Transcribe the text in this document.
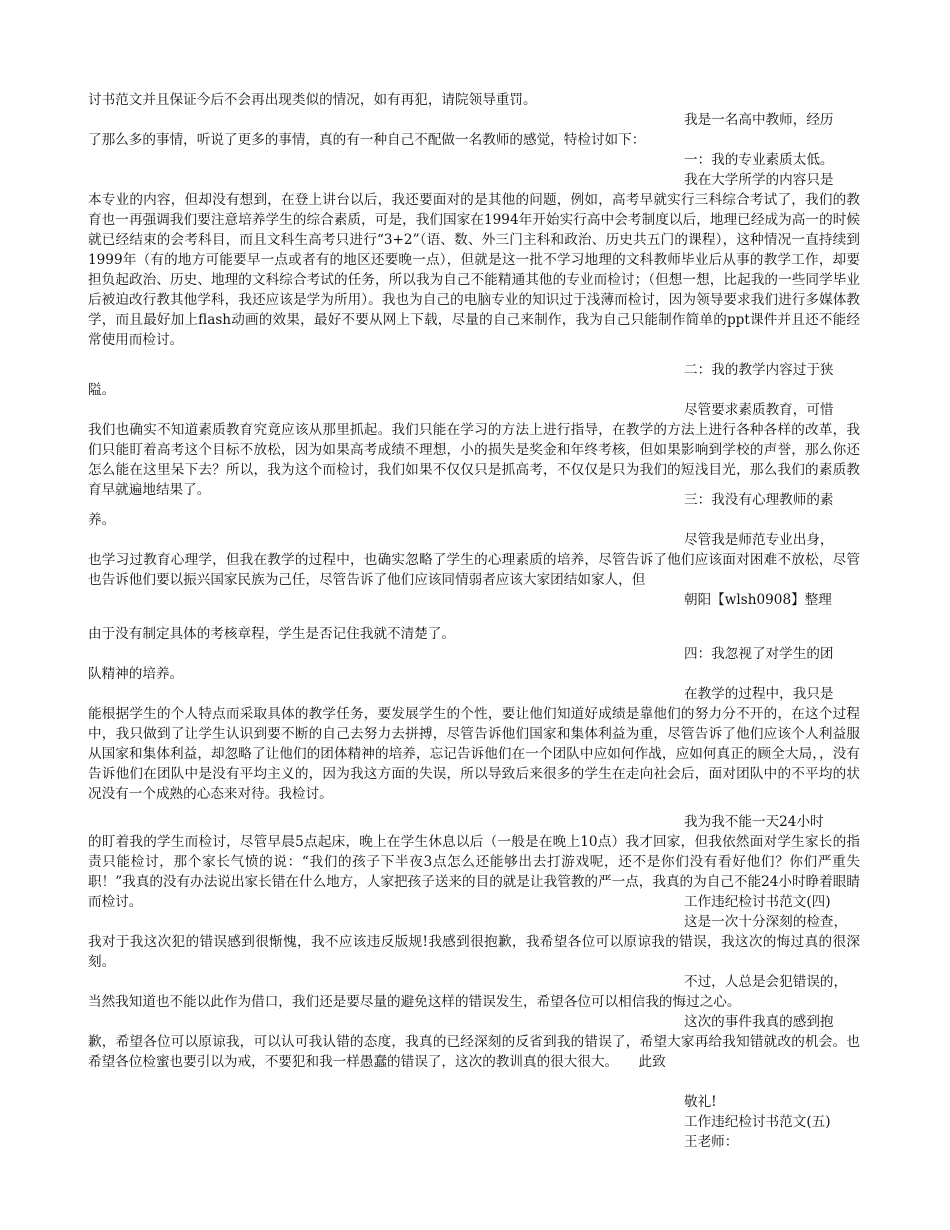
讨书范文并且保证今后不会再出现类似的情况，如有再犯，请院领导重罚。
我是一名高中教师，经历
了那么多的事情，听说了更多的事情，真的有一种自己不配做一名教师的感觉，特检讨如下：
一：我的专业素质太低。
我在大学所学的内容只是
本专业的内容，但却没有想到，在登上讲台以后，我还要面对的是其他的问题，例如，高考早就实行三科综合考试了，我们的教育也一再强调我们要注意培养学生的综合素质，可是，我们国家在1994年开始实行高中会考制度以后，地理已经成为高一的时候就已经结束的会考科目，而且文科生高考只进行“3+2”（语、数、外三门主科和政治、历史共五门的课程），这种情况一直持续到1999年（有的地方可能要早一点或者有的地区还要晚一点），但就是这一批不学习地理的文科教师毕业后从事的教学工作，却要担负起政治、历史、地理的文科综合考试的任务，所以我为自己不能精通其他的专业而检讨；（但想一想，比起我的一些同学毕业后被迫改行教其他学科，我还应该是学为所用）。我也为自己的电脑专业的知识过于浅薄而检讨，因为领导要求我们进行多媒体教学，而且最好加上flash动画的效果，最好不要从网上下载，尽量的自己来制作，我为自己只能制作简单的ppt课件并且还不能经常使用而检讨。
二：我的教学内容过于狭
隘。
尽管要求素质教育，可惜
我们也确实不知道素质教育究竟应该从那里抓起。我们只能在学习的方法上进行指导，在教学的方法上进行各种各样的改革，我们只能盯着高考这个目标不放松，因为如果高考成绩不理想，小的损失是奖金和年终考核，但如果影响到学校的声誉，那么你还怎么能在这里呆下去？所以，我为这个而检讨，我们如果不仅仅只是抓高考，不仅仅是只为我们的短浅目光，那么我们的素质教育早就遍地结果了。
三：我没有心理教师的素
养。
尽管我是师范专业出身，
也学习过教育心理学，但我在教学的过程中，也确实忽略了学生的心理素质的培养，尽管告诉了他们应该面对困难不放松，尽管也告诉他们要以振兴国家民族为己任，尽管告诉了他们应该同情弱者应该大家团结如家人，但
朝阳【wlsh0908】整理
由于没有制定具体的考核章程，学生是否记住我就不清楚了。
四：我忽视了对学生的团
队精神的培养。
在教学的过程中，我只是
能根据学生的个人特点而采取具体的教学任务，要发展学生的个性，要让他们知道好成绩是靠他们的努力分不开的，在这个过程中，我只做到了让学生认识到要不断的自己去努力去拼搏，尽管告诉他们国家和集体利益为重，尽管告诉了他们应该个人利益服从国家和集体利益，却忽略了让他们的团体精神的培养，忘记告诉他们在一个团队中应如何作战，应如何真正的顾全大局，，没有告诉他们在团队中是没有平均主义的，因为我这方面的失误，所以导致后来很多的学生在走向社会后，面对团队中的不平均的状况没有一个成熟的心态来对待。我检讨。
我为我不能一天24小时
的盯着我的学生而检讨，尽管早晨5点起床，晚上在学生休息以后（一般是在晚上10点）我才回家，但我依然面对学生家长的指责只能检讨，那个家长气愤的说：“我们的孩子下半夜3点怎么还能够出去打游戏呢，还不是你们没有看好他们？你们严重失职！”我真的没有办法说出家长错在什么地方，人家把孩子送来的目的就是让我管教的严一点，我真的为自己不能24小时睁着眼睛而检讨。	工作违纪检讨书范文(四)
这是一次十分深刻的检查，
我对于我这次犯的错误感到很惭愧，我不应该违反版规!我感到很抱歉，我希望各位可以原谅我的错误，我这次的悔过真的很深刻。
不过，人总是会犯错误的，
当然我知道也不能以此作为借口，我们还是要尽量的避免这样的错误发生，希望各位可以相信我的悔过之心。
这次的事件我真的感到抱
歉，希望各位可以原谅我，可以认可我认错的态度，我真的已经深刻的反省到我的错误了，希望大家再给我知错就改的机会。也希望各位检蜜也要引以为戒，不要犯和我一样愚蠢的错误了，这次的教训真的很大很大。　　此致
敬礼!
工作违纪检讨书范文(五)
王老师：
